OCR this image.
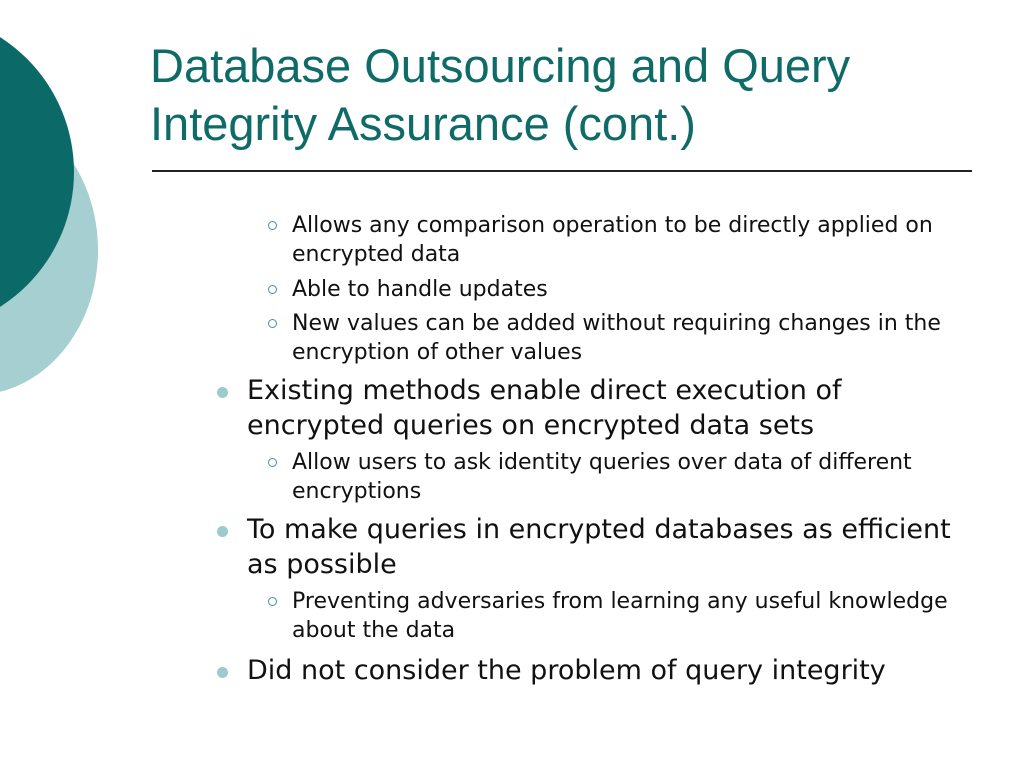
Database Outsourcing and Query
Integrity Assurance (cont.)
Allows any comparison operation to be directly applied on encrypted data
Able to handle updates
New values can be added without requiring changes in the encryption of other values
Existing methods enable direct execution of encrypted queries on encrypted data sets
Allow users to ask identity queries over data of different encryptions
To make queries in encrypted databases as efficient as possible
Preventing adversaries from learning any useful knowledge about the data
Did not consider the problem of query integrity
